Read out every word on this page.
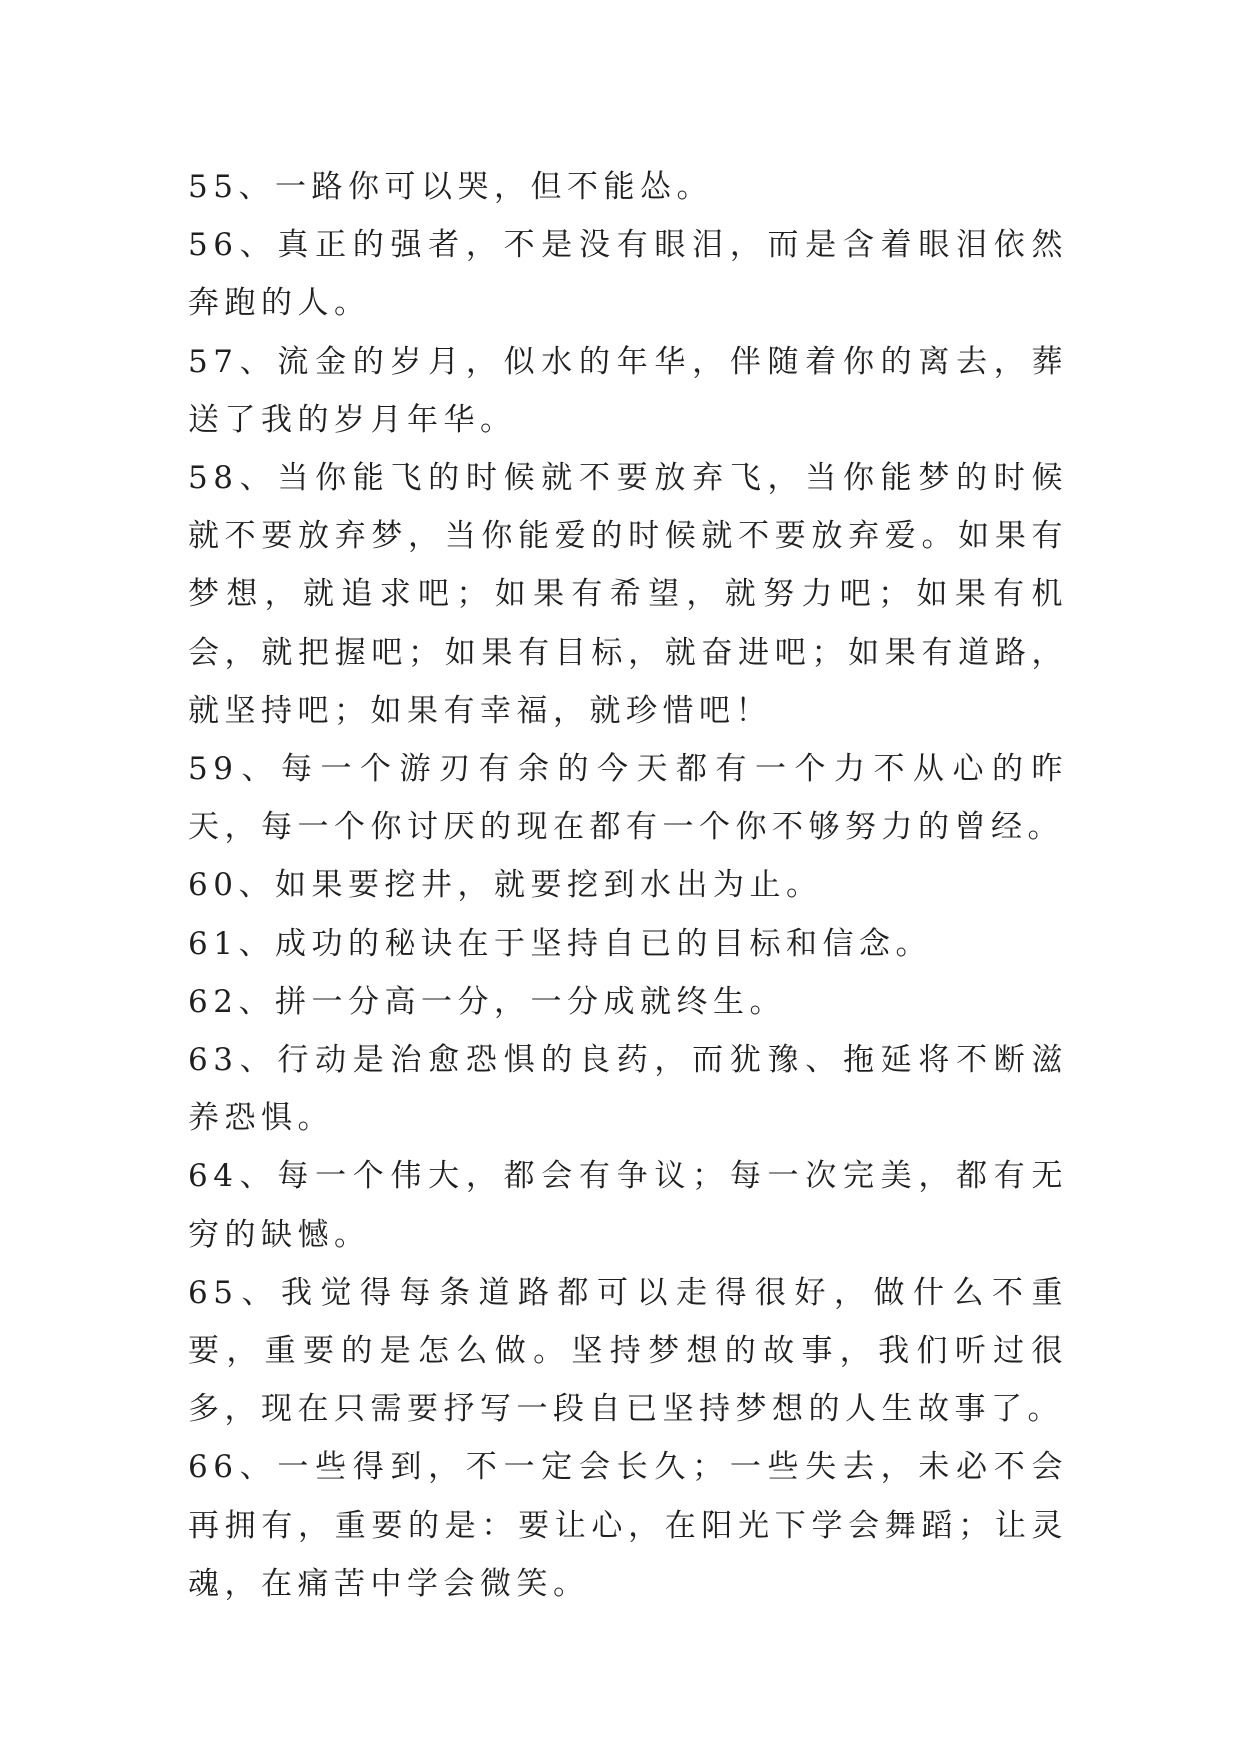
55、一路你可以哭，但不能怂。

56、真正的强者，不是没有眼泪，而是含着眼泪依然奔跑的人。

57、流金的岁月，似水的年华，伴随着你的离去，葬送了我的岁月年华。

58、当你能飞的时候就不要放弃飞，当你能梦的时候就不要放弃梦，当你能爱的时候就不要放弃爱。如果有梦想，就追求吧；如果有希望，就努力吧；如果有机会，就把握吧；如果有目标，就奋进吧；如果有道路，就坚持吧；如果有幸福，就珍惜吧！

59、每一个游刃有余的今天都有一个力不从心的昨天，每一个你讨厌的现在都有一个你不够努力的曾经。

60、如果要挖井，就要挖到水出为止。

61、成功的秘诀在于坚持自已的目标和信念。

62、拼一分高一分，一分成就终生。

63、行动是治愈恐惧的良药，而犹豫、拖延将不断滋养恐惧。

64、每一个伟大，都会有争议；每一次完美，都有无穷的缺憾。

65、我觉得每条道路都可以走得很好，做什么不重要，重要的是怎么做。坚持梦想的故事，我们听过很多，现在只需要抒写一段自已坚持梦想的人生故事了。

66、一些得到，不一定会长久；一些失去，未必不会再拥有，重要的是：要让心，在阳光下学会舞蹈；让灵魂，在痛苦中学会微笑。
